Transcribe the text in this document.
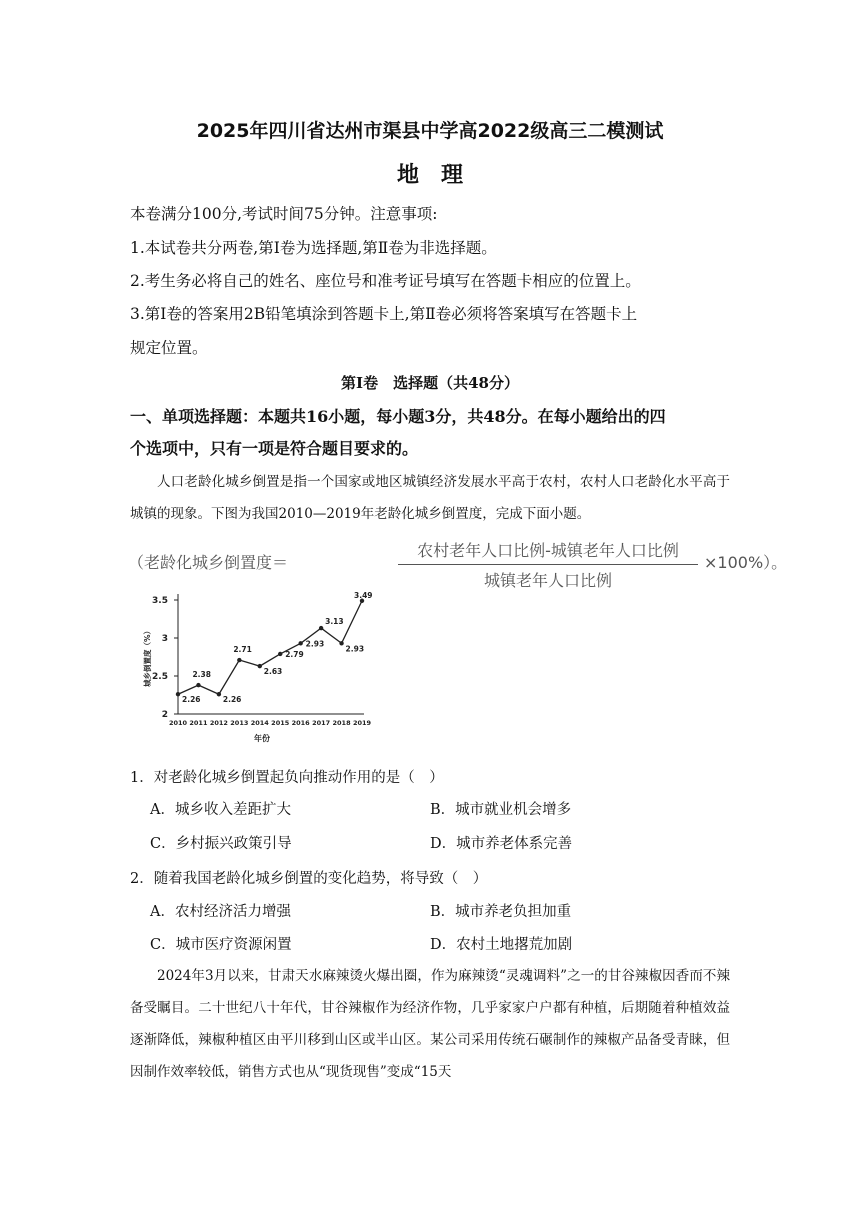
2025年四川省达州市渠县中学高2022级高三二模测试
地理
本卷满分100分,考试时间75分钟。注意事项:
1.本试卷共分两卷,第Ⅰ卷为选择题,第Ⅱ卷为非选择题。
2.考生务必将自己的姓名、座位号和准考证号填写在答题卡相应的位置上。
3.第Ⅰ卷的答案用2B铅笔填涂到答题卡上,第Ⅱ卷必须将答案填写在答题卡上
规定位置。
第Ⅰ卷　选择题（共48分）
一、单项选择题：本题共16小题，每小题3分，共48分。在每小题给出的四
个选项中，只有一项是符合题目要求的。
人口老龄化城乡倒置是指一个国家或地区城镇经济发展水平高于农村，农村人口老龄化水平高于城镇的现象。下图为我国2010—2019年老龄化城乡倒置度，完成下面小题。
（老龄化城乡倒置度＝
农村老年人口比例-城镇老年人口比例
城镇老年人口比例
×100%）。
2
2.5
3
3.5
2010 2011 2012 2013 2014 2015 2016 2017 2018 2019
2.26
2.38
2.26
2.71
2.63
2.79
2.93
3.13
2.93
3.49
城乡倒置度（%）
年份
1．对老龄化城乡倒置起负向推动作用的是（　）
A．城乡收入差距扩大	B．城市就业机会增多
C．乡村振兴政策引导	D．城市养老体系完善
2．随着我国老龄化城乡倒置的变化趋势，将导致（　）
A．农村经济活力增强	B．城市养老负担加重
C．城市医疗资源闲置	D．农村土地撂荒加剧
2024年3月以来，甘肃天水麻辣烫火爆出圈，作为麻辣烫“灵魂调料”之一的甘谷辣椒因香而不辣备受瞩目。二十世纪八十年代，甘谷辣椒作为经济作物，几乎家家户户都有种植，后期随着种植效益逐渐降低，辣椒种植区由平川移到山区或半山区。某公司采用传统石碾制作的辣椒产品备受青睐，但因制作效率较低，销售方式也从“现货现售”变成“15天
